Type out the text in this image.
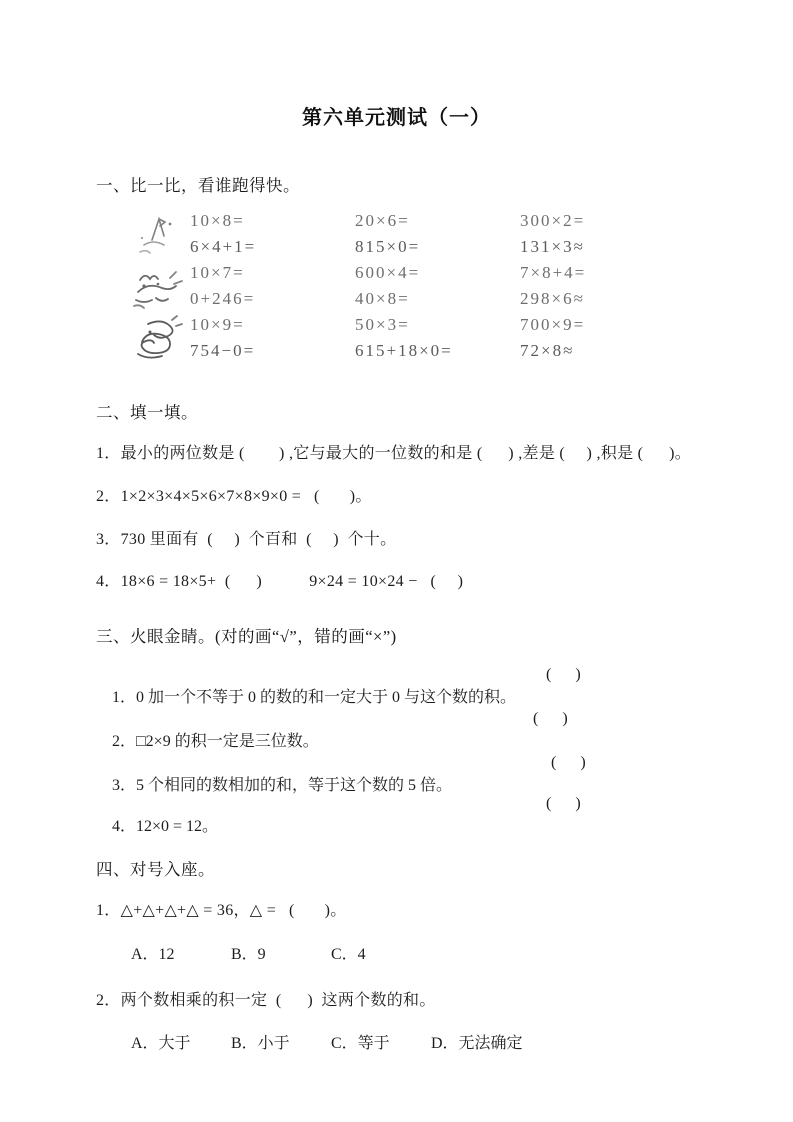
第六单元测试（一）
一、比一比，看谁跑得快。
10×8=	20×6=	300×2=
6×4+1=	815×0=	131×3≈
10×7=	600×4=	7×8+4=
0+246=	40×8=	298×6≈
10×9=	50×3=	700×9=
754−0=	615+18×0=	72×8≈
二、填一填。
1．最小的两位数是 (        ) ,它与最大的一位数的和是 (      ) ,差是 (     ) ,积是 (      )。
2．1×2×3×4×5×6×7×8×9×0 =   (       )。
3．730 里面有  (     )  个百和  (     )  个十。
4．18×6 = 18×5+  (      )           9×24 = 10×24 −   (     )
三、火眼金睛。(对的画“√”，错的画“×”)

1．0 加一个不等于 0 的数的和一定大于 0 与这个数的积。

(      )

2．□2×9 的积一定是三位数。

(      )

3．5 个相同的数相加的和，等于这个数的 5 倍。

(      )

4．12×0 = 12。

(      )

四、对号入座。
1．△+△+△+△ = 36，△ =   (       )。
A．12	B．9	C．4
2．两个数相乘的积一定  (      )  这两个数的和。
A．大于	B．小于	C．等于	D．无法确定
